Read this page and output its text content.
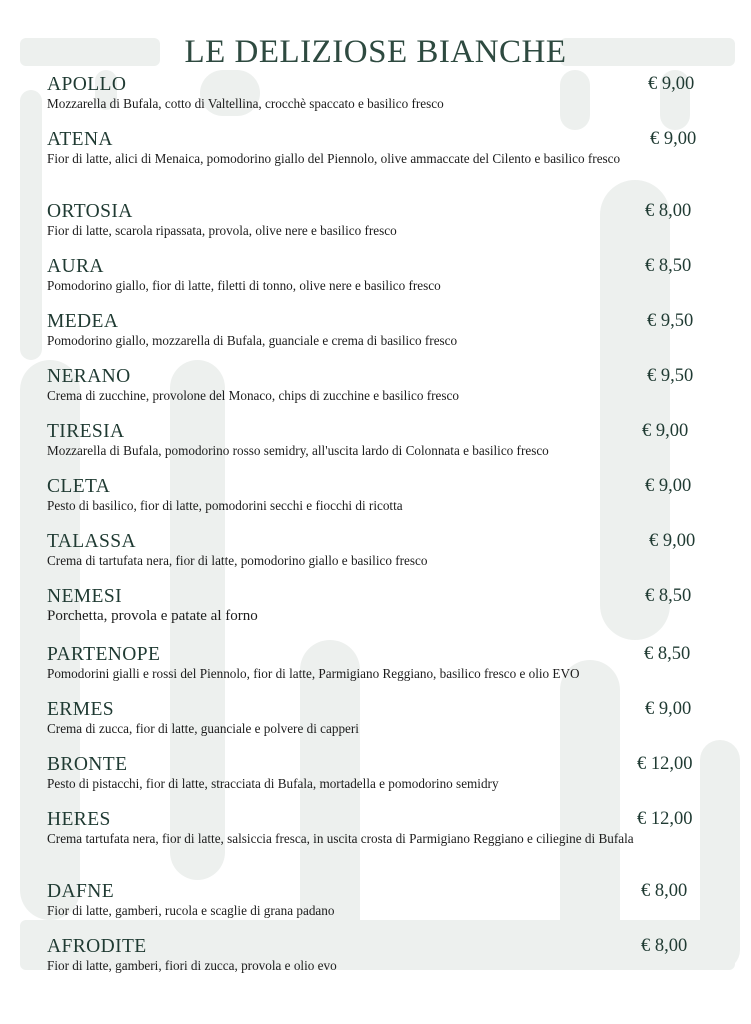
LE DELIZIOSE BIANCHE
APOLLO	€ 9,00
Mozzarella di Bufala, cotto di Valtellina, crocchè spaccato e basilico fresco
ATENA	€ 9,00
Fior di latte, alici di Menaica, pomodorino giallo del Piennolo, olive ammaccate del Cilento e basilico fresco
ORTOSIA	€ 8,00
Fior di latte, scarola ripassata, provola, olive nere e basilico fresco
AURA	€ 8,50
Pomodorino giallo, fior di latte, filetti di tonno, olive nere e basilico fresco
MEDEA	€ 9,50
Pomodorino giallo, mozzarella di Bufala, guanciale e crema di basilico fresco
NERANO	€ 9,50
Crema di zucchine, provolone del Monaco, chips di zucchine e basilico fresco
TIRESIA	€ 9,00
Mozzarella di Bufala, pomodorino rosso semidry, all'uscita lardo di Colonnata e basilico fresco
CLETA	€ 9,00
Pesto di basilico, fior di latte, pomodorini secchi e fiocchi di ricotta
TALASSA	€ 9,00
Crema di tartufata nera, fior di latte, pomodorino giallo e basilico fresco
NEMESI	€ 8,50
Porchetta, provola e patate al forno
PARTENOPE	€ 8,50
Pomodorini gialli e rossi del Piennolo, fior di latte, Parmigiano Reggiano, basilico fresco e olio EVO
ERMES	€ 9,00
Crema di zucca, fior di latte, guanciale e polvere di capperi
BRONTE	€ 12,00
Pesto di pistacchi, fior di latte, stracciata di Bufala, mortadella e pomodorino semidry
HERES	€ 12,00
Crema tartufata nera, fior di latte, salsiccia fresca, in uscita crosta di Parmigiano Reggiano e ciliegine di Bufala
DAFNE	€ 8,00
Fior di latte, gamberi, rucola e scaglie di grana padano
AFRODITE	€ 8,00
Fior di latte, gamberi, fiori di zucca, provola e olio evo
